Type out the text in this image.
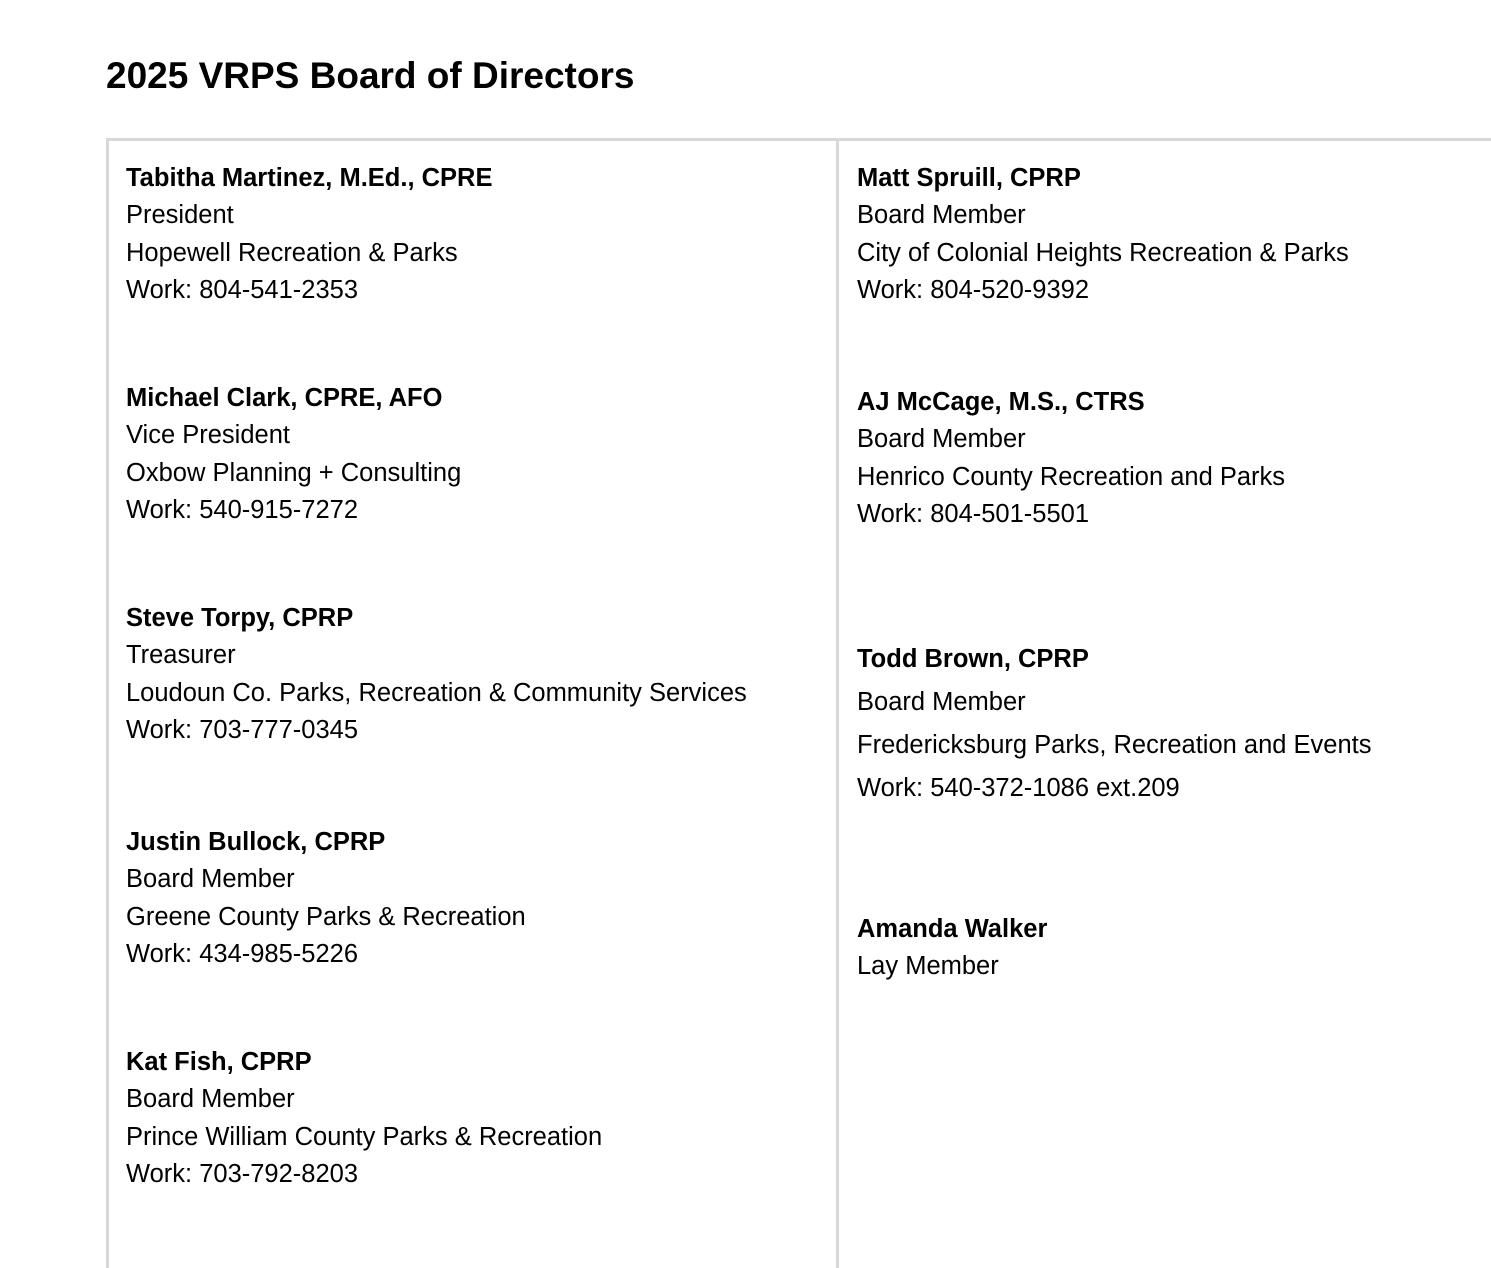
2025 VRPS Board of Directors
Tabitha Martinez, M.Ed., CPRE
President
Hopewell Recreation & Parks
Work: 804-541-2353
Michael Clark, CPRE, AFO
Vice President
Oxbow Planning + Consulting
Work: 540-915-7272
Steve Torpy, CPRP
Treasurer
Loudoun Co. Parks, Recreation & Community Services
Work: 703-777-0345
Justin Bullock, CPRP
Board Member
Greene County Parks & Recreation
Work: 434-985-5226
Kat Fish, CPRP
Board Member
Prince William County Parks & Recreation
Work: 703-792-8203
Matt Spruill, CPRP
Board Member
City of Colonial Heights Recreation & Parks
Work: 804-520-9392
AJ McCage, M.S., CTRS
Board Member
Henrico County Recreation and Parks
Work: 804-501-5501
Todd Brown, CPRP
Board Member
Fredericksburg Parks, Recreation and Events
Work: 540-372-1086 ext.209
Amanda Walker
Lay Member
